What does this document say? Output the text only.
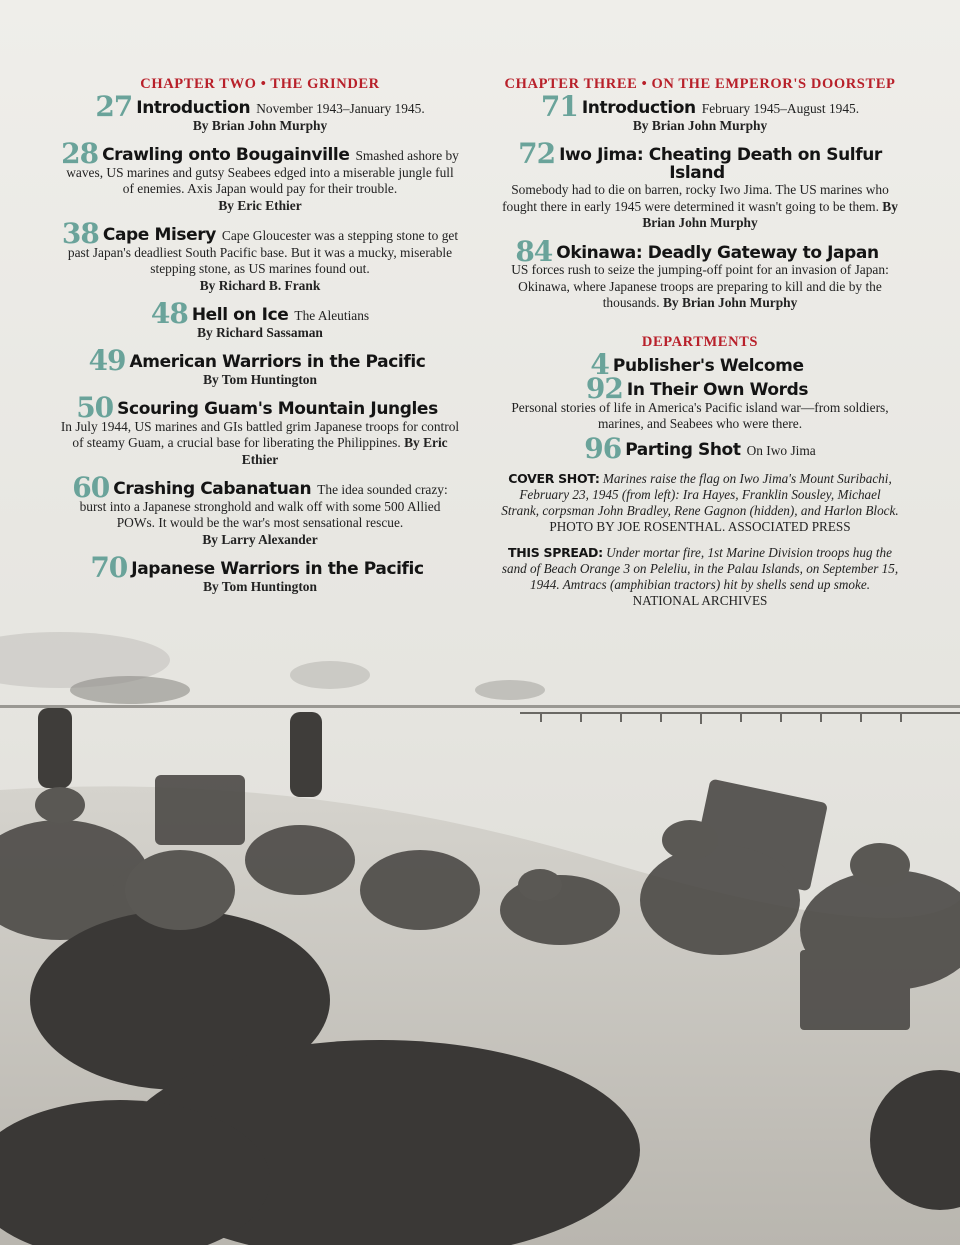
CHAPTER TWO • THE GRINDER
27 Introduction November 1943–January 1945.
By Brian John Murphy
28 Crawling onto Bougainville Smashed ashore by waves, US marines and gutsy Seabees edged into a miserable jungle full of enemies. Axis Japan would pay for their trouble.
By Eric Ethier
38 Cape Misery Cape Gloucester was a stepping stone to get past Japan's deadliest South Pacific base. But it was a mucky, miserable stepping stone, as US marines found out.
By Richard B. Frank
48 Hell on Ice The Aleutians
By Richard Sassaman
49 American Warriors in the Pacific
By Tom Huntington
50 Scouring Guam's Mountain Jungles
In July 1944, US marines and GIs battled grim Japanese troops for control of steamy Guam, a crucial base for liberating the Philippines. By Eric Ethier
60 Crashing Cabanatuan The idea sounded crazy: burst into a Japanese stronghold and walk off with some 500 Allied POWs. It would be the war's most sensational rescue.
By Larry Alexander
70 Japanese Warriors in the Pacific
By Tom Huntington
CHAPTER THREE • ON THE EMPEROR'S DOORSTEP
71 Introduction February 1945–August 1945.
By Brian John Murphy
72 Iwo Jima: Cheating Death on Sulfur Island
Somebody had to die on barren, rocky Iwo Jima. The US marines who fought there in early 1945 were determined it wasn't going to be them. By Brian John Murphy
84 Okinawa: Deadly Gateway to Japan
US forces rush to seize the jumping-off point for an invasion of Japan: Okinawa, where Japanese troops are preparing to kill and die by the thousands. By Brian John Murphy
DEPARTMENTS
4 Publisher's Welcome
92 In Their Own Words
Personal stories of life in America's Pacific island war—from soldiers, marines, and Seabees who were there.
96 Parting Shot On Iwo Jima
COVER SHOT: Marines raise the flag on Iwo Jima's Mount Suribachi, February 23, 1945 (from left): Ira Hayes, Franklin Sousley, Michael Strank, corpsman John Bradley, Rene Gagnon (hidden), and Harlon Block. PHOTO BY JOE ROSENTHAL. ASSOCIATED PRESS
THIS SPREAD: Under mortar fire, 1st Marine Division troops hug the sand of Beach Orange 3 on Peleliu, in the Palau Islands, on September 15, 1944. Amtracs (amphibian tractors) hit by shells send up smoke. NATIONAL ARCHIVES
